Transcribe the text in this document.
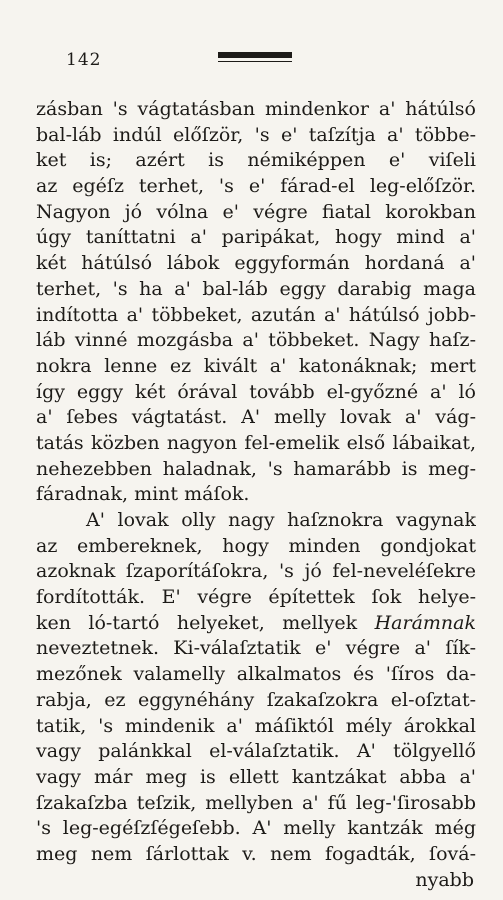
142
zásban 's vágtatásban mindenkor a' hátúlsó
bal-láb indúl előſzör, 's e' taſzítja a' többe-
ket is; azért is némiképpen e' viſeli
az egéſz terhet, 's e' fárad-el leg-előſzör.
Nagyon jó vólna e' végre fiatal korokban
úgy taníttatni a' paripákat, hogy mind a'
két hátúlsó lábok eggyformán hordaná a'
terhet, 's ha a' bal-láb eggy darabig maga
indította a' többeket, azután a' hátúlsó jobb-
láb vinné mozgásba a' többeket. Nagy haſz-
nokra lenne ez kivált a' katonáknak; mert
így eggy két órával tovább el-győzné a' ló
a' ſebes vágtatást. A' melly lovak a' vág-
tatás közben nagyon fel-emelik első lábaikat,
nehezebben haladnak, 's hamarább is meg-
fáradnak, mint máſok.
A' lovak olly nagy haſznokra vagynak
az embereknek, hogy minden gondjokat
azoknak ſzaporítáſokra, 's jó fel-neveléſekre
fordították. E' végre építettek ſok helye-
ken ló-tartó helyeket, mellyek Harámnak
neveztetnek. Ki-válaſztatik e' végre a' ſík-
mezőnek valamelly alkalmatos és 'ſíros da-
rabja, ez eggynéhány ſzakaſzokra el-oſztat-
tatik, 's mindenik a' máſiktól mély árokkal
vagy palánkkal el-válaſztatik. A' tölgyellő
vagy már meg is ellett kantzákat abba a'
ſzakaſzba teſzik, mellyben a' fű leg-'ſirosabb
's leg-egéſzſégeſebb. A' melly kantzák még
meg nem ſárlottak v. nem fogadták, ſová-
nyabb
